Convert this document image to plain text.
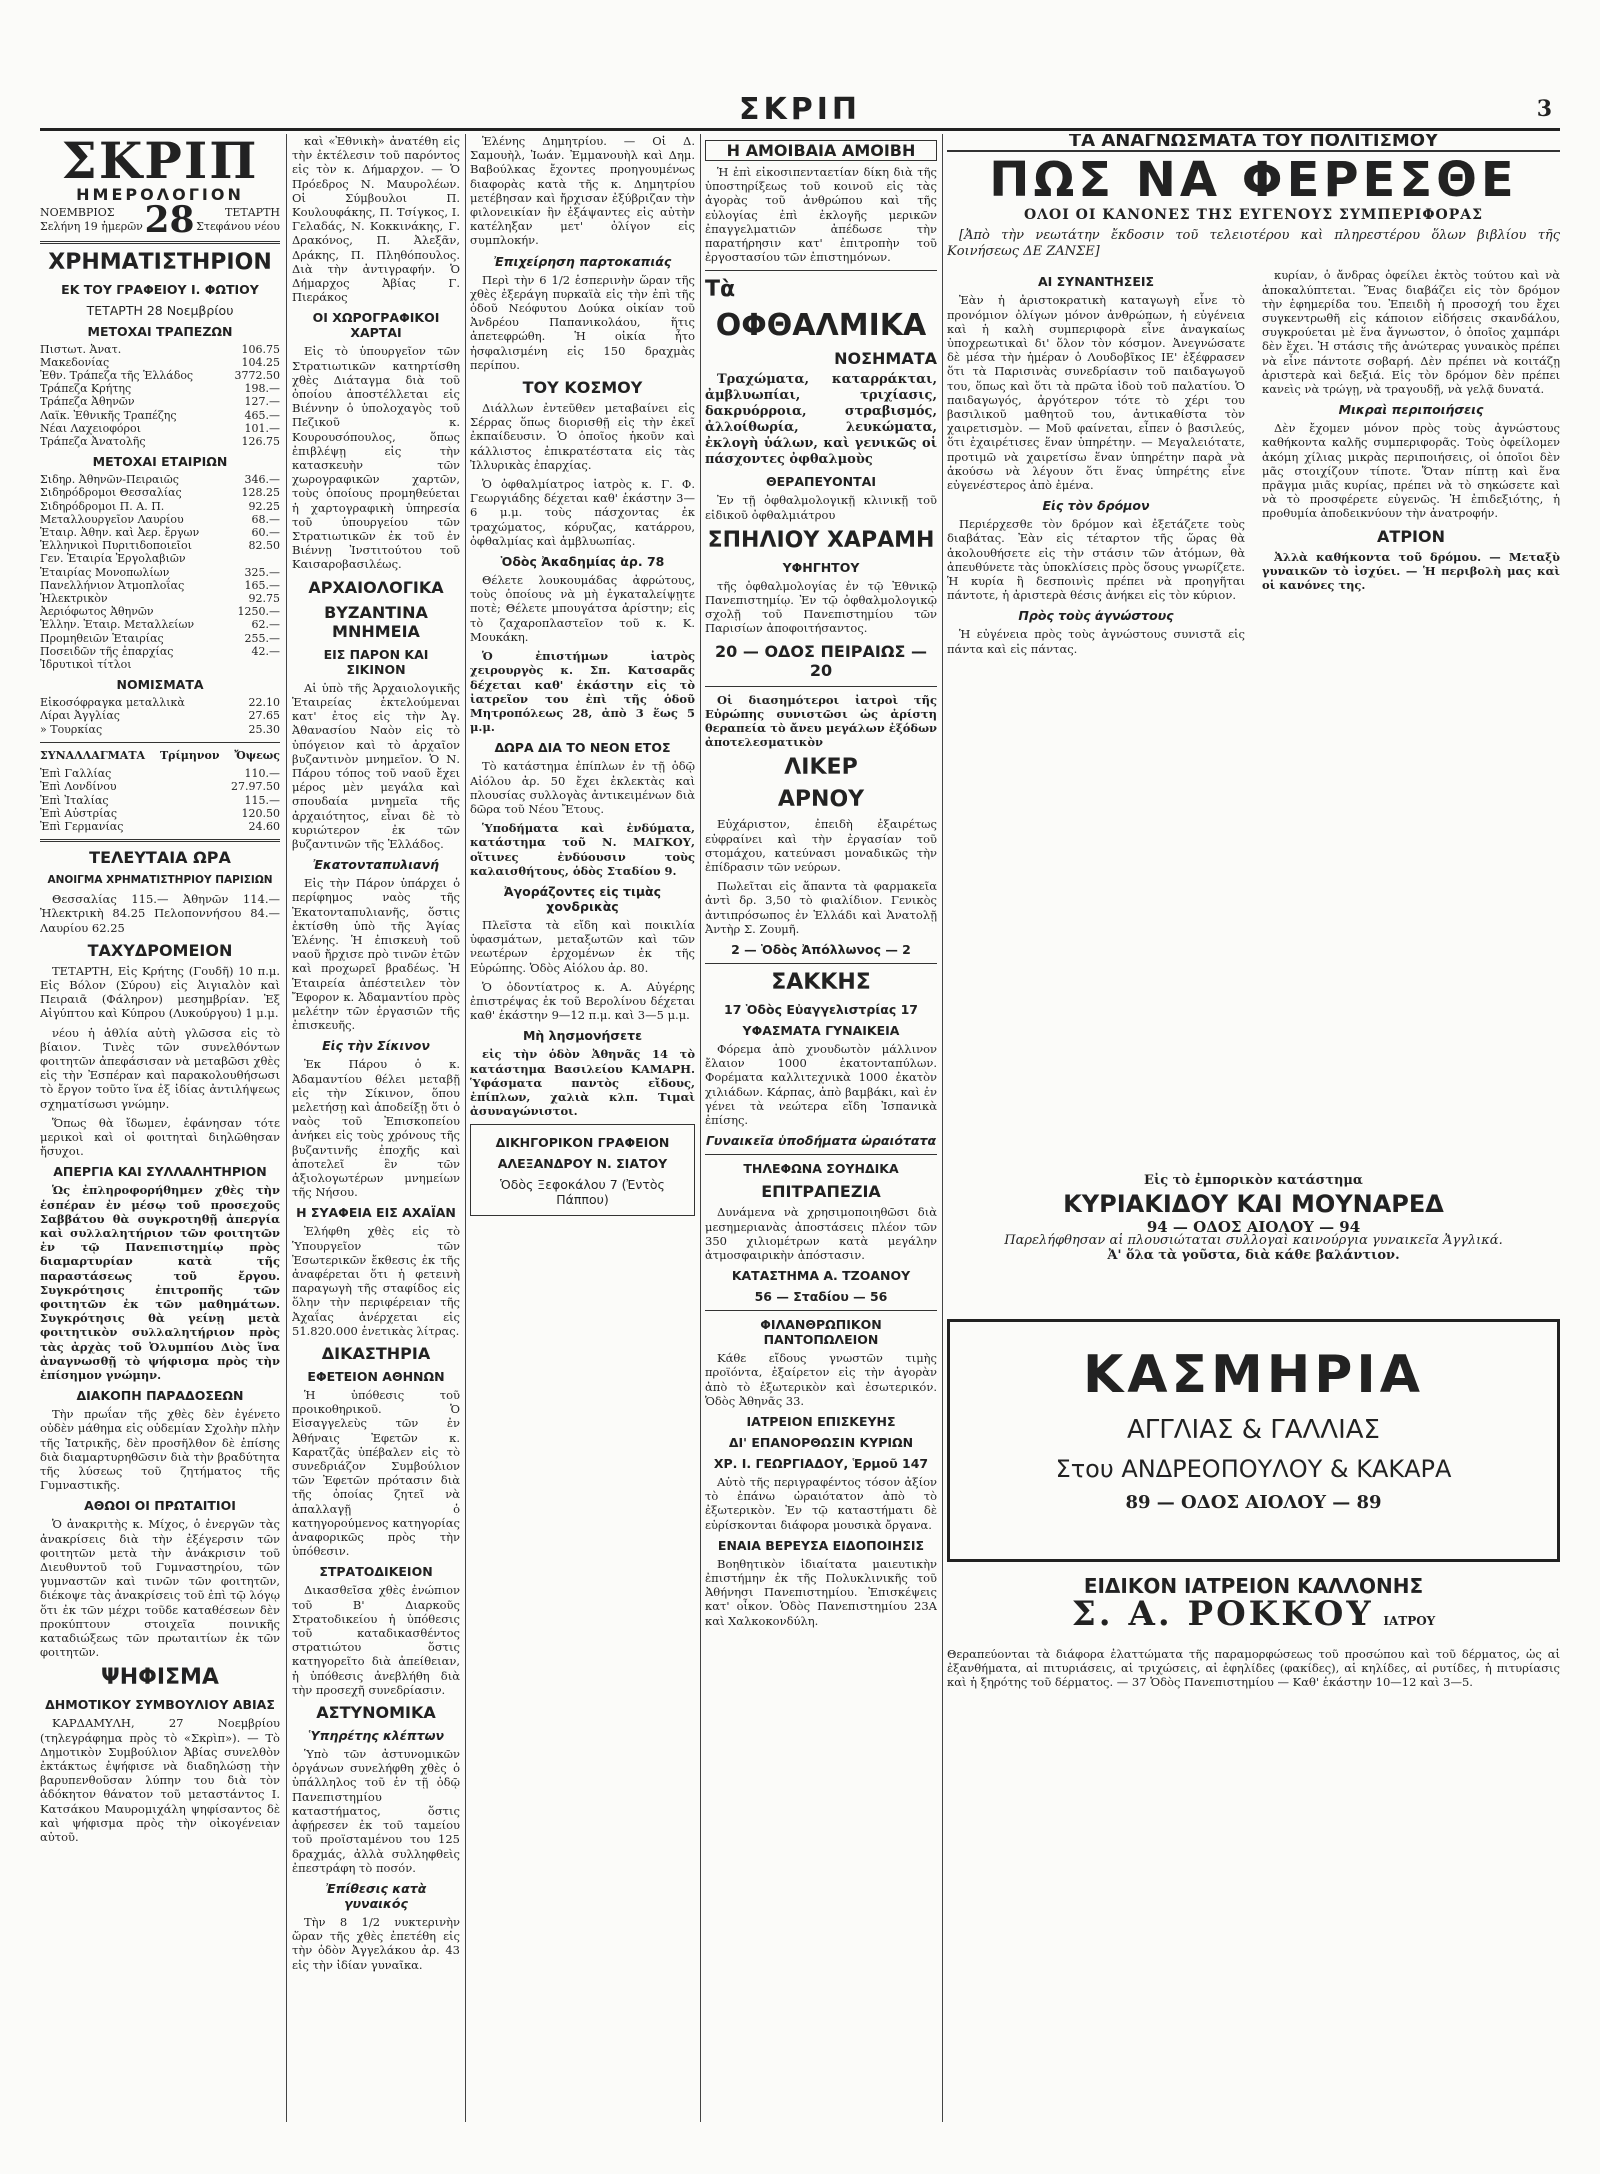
ΣΚΡΙΠ	3
ΣΚΡΙΠ
ΗΜΕΡΟΛΟΓΙΟΝ
ΝΟΕΜΒΡΙΟΣ
Σελήνη 19 ἡμερῶν 28	ΤΕΤΑΡΤΗ
Στεφάνου νέου
ΧΡΗΜΑΤΙΣΤΗΡΙΟΝ
ΕΚ ΤΟΥ ΓΡΑΦΕΙΟΥ Ι. ΦΩΤΙΟΥ
ΤΕΤΑΡΤΗ 28 Νοεμβρίου
ΜΕΤΟΧΑΙ ΤΡΑΠΕΖΩΝ
Πιστωτ. Ἀνατ.	106.75
Μακεδονίας	104.25
Ἐθν. Τράπεζα τῆς Ἑλλάδος	3772.50
Τράπεζα Κρήτης	198.—
Τράπεζα Ἀθηνῶν	127.—
Λαϊκ. Ἐθνικῆς Τραπέζης	465.—
Νέαι Λαχειοφόροι	101.—
Τράπεζα Ἀνατολῆς	126.75
ΜΕΤΟΧΑΙ ΕΤΑΙΡΙΩΝ
Σιδηρ. Ἀθηνῶν-Πειραιῶς	346.—
Σιδηρόδρομοι Θεσσαλίας	128.25
Σιδηρόδρομοι Π. Α. Π.	92.25
Μεταλλουργεῖον Λαυρίου	68.—
Ἑταιρ. Ἀθην. καὶ Ἀερ. ἔργων	60.—
Ἑλληνικοὶ Πυριτιδοποιεῖοι	82.50
Γεν. Ἑταιρία Ἐργολαβιῶν	
Ἑταιρίας Μονοπωλίων	325.—
Πανελλήνιον Ἀτμοπλοΐας	165.—
Ἡλεκτρικὸν	92.75
Ἀεριόφωτος Ἀθηνῶν	1250.—
Ἑλλην. Ἑταιρ. Μεταλλείων	62.—
Προμηθειῶν Ἑταιρίας	255.—
Ποσειδῶν τῆς ἐπαρχίας	42.—
Ἰδρυτικοὶ τίτλοι	
ΝΟΜΙΣΜΑΤΑ
Εἰκοσόφραγκα μεταλλικὰ	22.10
Λίραι Ἀγγλίας	27.65
» Τουρκίας	25.30
ΣΥΝΑΛΛΑΓΜΑΤΑ Τρίμηνον Ὄψεως
Ἐπὶ Γαλλίας	110.—
Ἐπὶ Λονδίνου	27.97.50
Ἐπὶ Ἰταλίας	115.—
Ἐπὶ Αὐστρίας	120.50
Ἐπὶ Γερμανίας	24.60
ΤΕΛΕΥΤΑΙΑ ΩΡΑ
ΑΝΟΙΓΜΑ ΧΡΗΜΑΤΙΣΤΗΡΙΟΥ ΠΑΡΙΣΙΩΝ

Θεσσαλίας 115.— Ἀθηνῶν 114.— Ἠλεκτρικὴ 84.25 Πελοποννήσου 84.— Λαυρίου 62.25

ΤΑΧΥΔΡΟΜΕΙΟΝ

ΤΕΤΑΡΤΗ, Εἰς Κρήτης (Γουδῆ) 10 π.μ. Εἰς Βόλον (Σύρου) εἰς Ἀιγιαλὸν καὶ Πειραιᾶ (Φάληρον) μεσημβρίαν. Ἐξ Αἰγύπτου καὶ Κύπρου (Λυκούργου) 1 μ.μ.

νέου ἡ ἀθλία αὐτὴ γλῶσσα εἰς τὸ βίαιον. Τινὲς τῶν συνελθόντων φοιτητῶν ἀπεφάσισαν νὰ μεταβῶσι χθὲς εἰς τὴν Ἐσπέραν καὶ παρακολουθήσωσι τὸ ἔργον τοῦτο ἵνα ἐξ ἰδίας ἀντιλήψεως σχηματίσωσι γνώμην.

Ὅπως θὰ ἴδωμεν, ἐφάνησαν τότε μερικοὶ καὶ οἱ φοιτηταὶ διηλῶθησαν ἤσυχοι.

ΑΠΕΡΓΙΑ ΚΑΙ ΣΥΛΛΑΛΗΤΗΡΙΟΝ

Ὡς ἐπληροφορήθημεν χθὲς τὴν ἑσπέραν ἐν μέσῳ τοῦ προσεχοῦς Σαββάτου θὰ συγκροτηθῇ ἀπεργία καὶ συλλαλητήριον τῶν φοιτητῶν ἐν τῷ Πανεπιστημίῳ πρὸς διαμαρτυρίαν κατὰ τῆς παραστάσεως τοῦ ἔργου. Συγκρότησις ἐπιτροπῆς τῶν φοιτητῶν ἐκ τῶν μαθημάτων. Συγκρότησις θὰ γείνῃ μετὰ φοιτητικὸν συλλαλητήριον πρὸς τὰς ἀρχὰς τοῦ Ὀλυμπίου Διὸς ἵνα ἀναγνωσθῇ τὸ ψήφισμα πρὸς τὴν ἐπίσημον γνώμην.

ΔΙΑΚΟΠΗ ΠΑΡΑΔΟΣΕΩΝ

Τὴν πρωΐαν τῆς χθὲς δὲν ἐγένετο οὐδὲν μάθημα εἰς οὐδεμίαν Σχολὴν πλὴν τῆς Ἰατρικῆς, δὲν προσῆλθον δὲ ἐπίσης διὰ διαμαρτυρηθῶσιν διὰ τὴν βραδύτητα τῆς λύσεως τοῦ ζητήματος τῆς Γυμναστικῆς.

ΑΘΩΟΙ ΟΙ ΠΡΩΤΑΙΤΙΟΙ

Ὁ ἀνακριτὴς κ. Μίχος, ὁ ἐνεργῶν τὰς ἀνακρίσεις διὰ τὴν ἐξέγερσιν τῶν φοιτητῶν μετὰ τὴν ἀνάκρισιν τοῦ Διευθυντοῦ τοῦ Γυμναστηρίου, τῶν γυμναστῶν καὶ τινῶν τῶν φοιτητῶν, διέκοψε τὰς ἀνακρίσεις τοῦ ἐπὶ τῷ λόγῳ ὅτι ἐκ τῶν μέχρι τοῦδε καταθέσεων δὲν προκύπτουν στοιχεῖα ποινικῆς καταδιώξεως τῶν πρωταιτίων ἐκ τῶν φοιτητῶν.

ΨΗΦΙΣΜΑ
ΔΗΜΟΤΙΚΟΥ ΣΥΜΒΟΥΛΙΟΥ ΑΒΙΑΣ

ΚΑΡΔΑΜΥΛΗ, 27 Νοεμβρίου (τηλεγράφημα πρὸς τὸ «Σκρὶπ»). — Τὸ Δημοτικὸν Συμβούλιον Ἀβίας συνελθὸν ἐκτάκτως ἐψήφισε νὰ διαδηλώσῃ τὴν βαρυπενθοῦσαν λύπην του διὰ τὸν ἀδόκητον θάνατον τοῦ μεταστάντος Ι. Κατσάκου Μαυρομιχάλη ψηφίσαντος δὲ καὶ ψήφισμα πρὸς τὴν οἰκογένειαν αὐτοῦ.

καὶ «Ἐθνικὴ» ἀνατέθη εἰς τὴν ἐκτέλεσιν τοῦ παρόντος εἰς τὸν κ. Δήμαρχον. — Ὁ Πρόεδρος Ν. Μαυρολέων. Οἱ Σύμβουλοι Π. Κουλουφάκης, Π. Τσίγκος, Ι. Γελαδάς, Ν. Κοκκινάκης, Γ. Δρακόνος, Π. Ἀλεξᾶν, Δράκης, Π. Πληθόπουλος. Διὰ τὴν ἀντιγραφήν. Ὁ Δήμαρχος Ἀβίας Γ. Πιεράκος

ΟΙ ΧΩΡΟΓΡΑΦΙΚΟΙ ΧΑΡΤΑΙ

Εἰς τὸ ὑπουργεῖον τῶν Στρατιωτικῶν κατηρτίσθη χθὲς Διάταγμα διὰ τοῦ ὁποίου ἀποστέλλεται εἰς Βιέννην ὁ ὑπολοχαγὸς τοῦ Πεζικοῦ κ. Κουρουσόπουλος, ὅπως ἐπιβλέψῃ εἰς τὴν κατασκευὴν τῶν χωρογραφικῶν χαρτῶν, τοὺς ὁποίους προμηθεύεται ἡ χαρτογραφικὴ ὑπηρεσία τοῦ ὑπουργείου τῶν Στρατιωτικῶν ἐκ τοῦ ἐν Βιέννῃ Ἰνστιτούτου τοῦ Καισαροβασιλέως.

ΑΡΧΑΙΟΛΟΓΙΚΑ
ΒΥΖΑΝΤΙΝΑ ΜΝΗΜΕΙΑ
ΕΙΣ ΠΑΡΟΝ ΚΑΙ ΣΙΚΙΝΟΝ

Αἱ ὑπὸ τῆς Ἀρχαιολογικῆς Ἑταιρείας ἐκτελούμεναι κατ' ἐτος εἰς τὴν Ἀγ. Ἀθανασίου Ναὸν εἰς τὸ ὑπόγειον καὶ τὸ ἀρχαῖον βυζαντινὸν μνημεῖον. Ὁ Ν. Πάρου τόπος τοῦ ναοῦ ἔχει μέρος μὲν μεγάλα καὶ σπουδαία μνημεῖα τῆς ἀρχαιότητος, εἶναι δὲ τὸ κυριώτερον ἐκ τῶν βυζαντινῶν τῆς Ἑλλάδος.

Ἐκατονταπυλιανή

Εἰς τὴν Πάρον ὑπάρχει ὁ περίφημος ναὸς τῆς Ἐκατονταπυλιανῆς, ὅστις ἐκτίσθη ὑπὸ τῆς Ἁγίας Ἑλένης. Ἡ ἐπισκευὴ τοῦ ναοῦ ἤρχισε πρὸ τινῶν ἐτῶν καὶ προχωρεῖ βραδέως. Ἡ Ἑταιρεία ἀπέστειλεν τὸν Ἔφορον κ. Ἀδαμαντίου πρὸς μελέτην τῶν ἐργασιῶν τῆς ἐπισκευῆς.

Εἰς τὴν Σίκινον

Ἐκ Πάρου ὁ κ. Ἀδαμαντίου θέλει μεταβῇ εἰς τὴν Σίκινον, ὅπου μελετήσῃ καὶ ἀποδείξῃ ὅτι ὁ ναὸς τοῦ Ἐπισκοπείου ἀνήκει εἰς τοὺς χρόνους τῆς βυζαντινῆς ἐποχῆς καὶ ἀποτελεῖ ἓν τῶν ἀξιολογωτέρων μνημείων τῆς Νήσου.

Η ΣΥΑΦΕΙΑ ΕΙΣ ΑΧΑΪΑΝ

Ἐλήφθη χθὲς εἰς τὸ Ὑπουργεῖον τῶν Ἐσωτερικῶν ἔκθεσις ἐκ τῆς ἀναφέρεται ὅτι ἡ φετεινὴ παραγωγὴ τῆς σταφίδος εἰς ὅλην τὴν περιφέρειαν τῆς Ἀχαΐας ἀνέρχεται εἰς 51.820.000 ἑνετικὰς λίτρας.

ΔΙΚΑΣΤΗΡΙΑ
ΕΦΕΤΕΙΟΝ ΑΘΗΝΩΝ

Ἡ ὑπόθεσις τοῦ προικοθηρικοῦ. Ὁ Εἰσαγγελεὺς τῶν ἐν Ἀθήναις Ἐφετῶν κ. Καρατζᾶς ὑπέβαλεν εἰς τὸ συνεδριάζον Συμβούλιον τῶν Ἐφετῶν πρότασιν διὰ τῆς ὁποίας ζητεῖ νὰ ἀπαλλαγῇ ὁ κατηγορούμενος κατηγορίας ἀναφορικῶς πρὸς τὴν ὑπόθεσιν.

ΣΤΡΑΤΟΔΙΚΕΙΟΝ

Δικασθεῖσα χθὲς ἐνώπιον τοῦ Β' Διαρκοῦς Στρατοδικείου ἡ ὑπόθεσις τοῦ καταδικασθέντος στρατιώτου ὅστις κατηγορεῖτο διὰ ἀπείθειαν, ἡ ὑπόθεσις ἀνεβλήθη διὰ τὴν προσεχῆ συνεδρίασιν.

ΑΣΤΥΝΟΜΙΚΑ
Ὑπηρέτης κλέπτων

Ὑπὸ τῶν ἀστυνομικῶν ὀργάνων συνελήφθη χθὲς ὁ ὑπάλληλος τοῦ ἐν τῇ ὁδῷ Πανεπιστημίου καταστήματος, ὅστις ἀφῄρεσεν ἐκ τοῦ ταμείου τοῦ προϊσταμένου του 125 δραχμάς, ἀλλὰ συλληφθεὶς ἐπεστράφη τὸ ποσόν.

Ἐπίθεσις κατὰ γυναικός

Τὴν 8 1/2 νυκτερινὴν ὥραν τῆς χθὲς ἐπετέθη εἰς τὴν ὁδὸν Ἀγγελάκου ἀρ. 43 εἰς τὴν ἰδίαν γυναῖκα.

Ἑλένης Δημητρίου. — Οἱ Δ. Σαμουὴλ, Ἰωάν. Ἐμμανουὴλ καὶ Δημ. Βαβούλκας ἔχοντες προηγουμένως διαφορὰς κατὰ τῆς κ. Δημητρίου μετέβησαν καὶ ἤρχισαν ἐξύβριζαν τὴν φιλονεικίαν ἣν ἐξάψαντες εἰς αὐτὴν κατέληξαν μετ' ὀλίγον εἰς συμπλοκήν.

Ἐπιχείρηση παρτοκαπιάς

Περὶ τὴν 6 1/2 ἑσπερινὴν ὥραν τῆς χθὲς ἐξεράγη πυρκαϊὰ εἰς τὴν ἐπὶ τῆς ὁδοῦ Νεόφυτου Δούκα οἰκίαν τοῦ Ἀνδρέου Παπανικολάου, ἥτις ἀπετεφρώθη. Ἡ οἰκία ἦτο ἠσφαλισμένη εἰς 150 δραχμὰς περίπου.

ΤΟΥ ΚΟΣΜΟΥ

Διάλλων ἐντεῦθεν μεταβαίνει εἰς Σέρρας ὅπως διορισθῇ εἰς τὴν ἐκεῖ ἐκπαίδευσιν. Ὁ ὁποῖος ἠκοῦν καὶ κάλλιστος ἐπικρατέστατα εἰς τὰς Ἰλλυρικὰς ἐπαρχίας.

Ὁ ὀφθαλμίατρος ἰατρὸς κ. Γ. Φ. Γεωργιάδης δέχεται καθ' ἑκάστην 3—6 μ.μ. τοὺς πάσχοντας ἐκ τραχώματος, κόρυζας, κατάρρου, ὀφθαλμίας καὶ ἀμβλυωπίας.

Ὁδὸς Ἀκαδημίας ἀρ. 78

Θέλετε λουκουμάδας ἀφρώτους, τοὺς ὁποίους νὰ μὴ ἐγκαταλείψῃτε ποτὲ; Θέλετε μπουγάτσα ἀρίστην; εἰς τὸ ζαχαροπλαστεῖον τοῦ κ. Κ. Μουκάκη.

Ὁ ἐπιστήμων ἰατρὸς χειρουργὸς κ. Σπ. Κατσαρᾶς δέχεται καθ' ἑκάστην εἰς τὸ ἰατρεῖον του ἐπὶ τῆς ὁδοῦ Μητροπόλεως 28, ἀπὸ 3 ἕως 5 μ.μ.

ΔΩΡΑ ΔΙΑ ΤΟ ΝΕΟΝ ΕΤΟΣ

Τὸ κατάστημα ἐπίπλων ἐν τῇ ὁδῷ Αἰόλου ἀρ. 50 ἔχει ἐκλεκτὰς καὶ πλουσίας συλλογὰς ἀντικειμένων διὰ δῶρα τοῦ Νέου Ἔτους.

Ὑποδήματα καὶ ἐνδύματα, κατάστημα τοῦ Ν. ΜΑΓΚΟΥ, οἵτινες ἐνδύουσιν τοὺς καλαισθήτους, ὁδὸς Σταδίου 9.

Ἀγοράζοντες εἰς τιμὰς χονδρικὰς

Πλεῖστα τὰ εἴδη καὶ ποικιλία ὑφασμάτων, μεταξωτῶν καὶ τῶν νεωτέρων ἐρχομένων ἐκ τῆς Εὐρώπης. Ὁδὸς Αἰόλου ἀρ. 80.

Ὁ ὀδοντίατρος κ. Α. Αὐγέρης ἐπιστρέψας ἐκ τοῦ Βερολίνου δέχεται καθ' ἑκάστην 9—12 π.μ. καὶ 3—5 μ.μ.

Μὴ λησμονήσετε

εἰς τὴν ὁδὸν Ἀθηνᾶς 14 τὸ κατάστημα Βασιλείου ΚΑΜΑΡΗ. Ὑφάσματα παντὸς εἴδους, ἐπίπλων, χαλιὰ κλπ. Τιμαὶ ἀσυναγώνιστοι.

ΔΙΚΗΓΟΡΙΚΟΝ ΓΡΑΦΕΙΟΝ
ΑΛΕΞΑΝΔΡΟΥ Ν. ΣΙΑΤΟΥ
Ὁδὸς Ξεφοκάλου 7 (Ἐντὸς Πάππου)
Η ΑΜΟΙΒΑΙΑ ΑΜΟΙΒΗ

Ἡ ἐπὶ εἰκοσιπενταετίαν δίκη διὰ τῆς ὑποστηρίξεως τοῦ κοινοῦ εἰς τὰς ἀγορὰς τοῦ ἀνθρώπου καὶ τῆς εὐλογίας ἐπὶ ἐκλογῆς μερικῶν ἐπαγγελματιῶν ἀπέδωσε τὴν παρατήρησιν κατ' ἐπιτροπὴν τοῦ ἐργοστασίου τῶν ἐπιστημόνων.

Τὰ
ΟΦΘΑΛΜΙΚΑ
ΝΟΣΗΜΑΤΑ

Τραχώματα, καταρράκται, ἀμβλυωπίαι, τριχίασις, δακρυόρροια, στραβισμός, ἀλλοίθωρία, λευκώματα, ἐκλογὴ ὑάλων, καὶ γενικῶς οἱ πάσχοντες ὀφθαλμοὺς

ΘΕΡΑΠΕΥΟΝΤΑΙ

Ἐν τῇ ὀφθαλμολογικῇ κλινικῇ τοῦ εἰδικοῦ ὀφθαλμιάτρου

ΣΠΗΛΙΟΥ ΧΑΡΑΜΗ
ΥΦΗΓΗΤΟΥ

τῆς ὀφθαλμολογίας ἐν τῷ Ἐθνικῷ Πανεπιστημίῳ. Ἐν τῷ ὀφθαλμολογικῷ σχολῇ τοῦ Πανεπιστημίου τῶν Παρισίων ἀποφοιτήσαντος.

20 — ΟΔΟΣ ΠΕΙΡΑΙΩΣ — 20

Οἱ διασημότεροι ἰατροὶ τῆς Εὐρώπης συνιστῶσι ὡς ἀρίστη θεραπεία τὸ ἄνευ μεγάλων ἐξόδων ἀποτελεσματικὸν

ΛΙΚΕΡ
ΑΡΝΟΥ

Εὐχάριστον, ἐπειδὴ ἐξαιρέτως εὐφραίνει καὶ τὴν ἐργασίαν τοῦ στομάχου, κατεύνασι μοναδικῶς τὴν ἐπίδρασιν τῶν νεύρων.

Πωλεῖται εἰς ἅπαντα τὰ φαρμακεῖα ἀντὶ δρ. 3,50 τὸ φιαλίδιον. Γενικὸς ἀντιπρόσωπος ἐν Ἑλλάδι καὶ Ἀνατολῇ Ἀντὴρ Σ. Ζουμῆ.

2 — Ὁδὸς Ἀπόλλωνος — 2
ΣΑΚΚΗΣ
17 Ὁδὸς Εὐαγγελιστρίας 17
ΥΦΑΣΜΑΤΑ ΓΥΝΑΙΚΕΙΑ

Φόρεμα ἀπὸ χνουδωτὸν μάλλινον ἔλαιον 1000 ἐκατονταπύλων. Φορέματα καλλιτεχνικὰ 1000 ἐκατὸν χιλιάδων. Κάρπας, ἀπὸ βαμβάκι, καὶ ἐν γένει τὰ νεώτερα εἴδη Ἰσπανικὰ ἐπίσης.

Γυναικεῖα ὑποδήματα ὡραιότατα
ΤΗΛΕΦΩΝΑ ΣΟΥΗΔΙΚΑ
ΕΠΙΤΡΑΠΕΖΙΑ

Δυνάμενα νὰ χρησιμοποιηθῶσι διὰ μεσημεριανὰς ἀποστάσεις πλέον τῶν 350 χιλιομέτρων κατὰ μεγάλην ἀτμοσφαιρικὴν ἀπόστασιν.

ΚΑΤΑΣΤΗΜΑ Α. ΤΖΟΑΝΟΥ
56 — Σταδίου — 56
ΦΙΛΑΝΘΡΩΠΙΚΟΝ ΠΑΝΤΟΠΩΛΕΙΟΝ

Κάθε εἴδους γνωστῶν τιμὴς προϊόντα, ἐξαίρετον εἰς τὴν ἀγορὰν ἀπὸ τὸ ἐξωτερικὸν καὶ ἐσωτερικόν. Ὁδὸς Ἀθηνᾶς 33.

ΙΑΤΡΕΙΟΝ ΕΠΙΣΚΕΥΗΣ
ΔΙ' ΕΠΑΝΟΡΘΩΣΙΝ ΚΥΡΙΩΝ
ΧΡ. Ι. ΓΕΩΡΓΙΑΔΟΥ, Ἑρμοῦ 147

Αὐτὸ τῆς περιγραφέντος τόσον ἀξίον τὸ ἐπάνω ὡραιότατον ἀπὸ τὸ ἐξωτερικὸν. Ἐν τῷ καταστήματι δὲ εὑρίσκονται διάφορα μουσικὰ ὄργανα.

ΕΝΑΙΑ ΒΕΡΕΥΣΑ ΕΙΔΟΠΟΙΗΣΙΣ

Βοηθητικὸν ἰδιαίτατα μαιευτικὴν ἐπιστήμην ἐκ τῆς Πολυκλινικῆς τοῦ Ἀθήνησι Πανεπιστημίου. Ἐπισκέψεις κατ' οἶκον. Ὁδὸς Πανεπιστημίου 23Α καὶ Χαλκοκονδύλη.

ΤΑ ΑΝΑΓΝΩΣΜΑΤΑ ΤΟΥ ΠΟΛΙΤΙΣΜΟΥ
ΠΩΣ ΝΑ ΦΕΡΕΣΘΕ
ΟΛΟΙ ΟΙ ΚΑΝΟΝΕΣ ΤΗΣ ΕΥΓΕΝΟΥΣ ΣΥΜΠΕΡΙΦΟΡΑΣ

[Ἀπὸ τὴν νεωτάτην ἔκδοσιν τοῦ τελειοτέρου καὶ πληρεστέρου ὅλων βιβλίου τῆς Κοινήσεως ΔΕ ΖΑΝΣΕ]

ΑΙ ΣΥΝΑΝΤΗΣΕΙΣ

Ἐὰν ἡ ἀριστοκρατικὴ καταγωγὴ εἶνε τὸ προνόμιον ὀλίγων μόνον ἀνθρώπων, ἡ εὐγένεια καὶ ἡ καλὴ συμπεριφορὰ εἶνε ἀναγκαίως ὑποχρεωτικαὶ δι' ὅλον τὸν κόσμον. Ἀνεγνώσατε δὲ μέσα τὴν ἡμέραν ὁ Λουδοβῖκος ΙΕ' ἐξέφρασεν ὅτι τὰ Παρισινὰς συνεδρίασιν τοῦ παιδαγωγοῦ του, ὅπως καὶ ὅτι τὰ πρῶτα ἰδοὺ τοῦ παλατίου. Ὁ παιδαγωγός, ἀργότερον τότε τὸ χέρι του βασιλικοῦ μαθητοῦ του, ἀντικαθίστα τὸν χαιρετισμὸν. — Μοῦ φαίνεται, εἶπεν ὁ βασιλεύς, ὅτι ἐχαιρέτισες ἕναν ὑπηρέτην. — Μεγαλειότατε, προτιμῶ νὰ χαιρετίσω ἕναν ὑπηρέτην παρὰ νὰ ἀκούσω νὰ λέγουν ὅτι ἕνας ὑπηρέτης εἶνε εὐγενέστερος ἀπὸ ἐμένα.

Εἰς τὸν δρόμον

Περιέρχεσθε τὸν δρόμον καὶ ἐξετάζετε τοὺς διαβάτας. Ἐὰν εἰς τέταρτον τῆς ὥρας θὰ ἀκολουθήσετε εἰς τὴν στάσιν τῶν ἀτόμων, θὰ ἀπευθύνετε τὰς ὑποκλίσεις πρὸς ὅσους γνωρίζετε. Ἡ κυρία ἢ δεσποινὶς πρέπει νὰ προηγῆται πάντοτε, ἡ ἀριστερὰ θέσις ἀνήκει εἰς τὸν κύριον.

Πρὸς τοὺς ἀγνώστους

Ἡ εὐγένεια πρὸς τοὺς ἀγνώστους συνιστᾶ εἰς πάντα καὶ εἰς πάντας.

κυρίαν, ὁ ἄνδρας ὀφείλει ἐκτὸς τούτου καὶ νὰ ἀποκαλύπτεται. Ἕνας διαβάζει εἰς τὸν δρόμον τὴν ἐφημερίδα του. Ἐπειδὴ ἡ προσοχή του ἔχει συγκεντρωθῆ εἰς κάποιον εἰδήσεις σκανδάλου, συγκρούεται μὲ ἕνα ἄγνωστον, ὁ ὁποῖος χαμπάρι δὲν ἔχει. Ἡ στάσις τῆς ἀνώτερας γυναικὸς πρέπει νὰ εἶνε πάντοτε σοβαρή. Δὲν πρέπει νὰ κοιτάζῃ ἀριστερὰ καὶ δεξιά. Εἰς τὸν δρόμον δὲν πρέπει κανεὶς νὰ τρώγῃ, νὰ τραγουδῇ, νὰ γελᾷ δυνατά.

Μικραὶ περιποιήσεις

Δὲν ἔχομεν μόνον πρὸς τοὺς ἀγνώστους καθήκοντα καλῆς συμπεριφορᾶς. Τοὺς ὀφείλομεν ἀκόμη χίλιας μικρὰς περιποιήσεις, οἱ ὁποῖοι δὲν μᾶς στοιχίζουν τίποτε. Ὅταν πίπτῃ καὶ ἕνα πρᾶγμα μιᾶς κυρίας, πρέπει νὰ τὸ σηκώσετε καὶ νὰ τὸ προσφέρετε εὐγενῶς. Ἡ ἐπιδεξιότης, ἡ προθυμία ἀποδεικνύουν τὴν ἀνατροφήν.

ΑΤΡΙΟΝ

Ἀλλὰ καθήκοντα τοῦ δρόμου. — Μεταξὺ γυναικῶν τὸ ἰσχύει. — Ἡ περιβολὴ μας καὶ οἱ κανόνες της.

Εἰς τὸ ἐμπορικὸν κατάστημα
ΚΥΡΙΑΚΙΔΟΥ ΚΑΙ ΜΟΥΝΑΡΕΔ
94 — ΟΔΟΣ ΑΙΟΛΟΥ — 94
Παρελήφθησαν αἱ πλουσιώταται συλλογαὶ καινούργια γυναικεῖα Ἀγγλικά.
Ἀ' ὅλα τὰ γοῦστα, διὰ κάθε βαλάντιον.
ΚΑΣΜΗΡΙΑ
ΑΓΓΛΙΑΣ & ΓΑΛΛΙΑΣ
Στου ΑΝΔΡΕΟΠΟΥΛΟΥ & ΚΑΚΑΡΑ
89 — ΟΔΟΣ ΑΙΟΛΟΥ — 89
ΕΙΔΙΚΟΝ ΙΑΤΡΕΙΟΝ ΚΑΛΛΟΝΗΣ
Σ. Α. ΡΟΚΚΟΥ ΙΑΤΡΟΥ

Θεραπεύονται τὰ διάφορα ἐλαττώματα τῆς παραμορφώσεως τοῦ προσώπου καὶ τοῦ δέρματος, ὡς αἱ ἐξανθήματα, αἱ πιτυριάσεις, αἱ τριχώσεις, αἱ ἐφηλίδες (φακίδες), αἱ κηλίδες, αἱ ρυτίδες, ἡ πιτυρίασις καὶ ἡ ξηρότης τοῦ δέρματος. — 37 Ὁδὸς Πανεπιστημίου — Καθ' ἑκάστην 10—12 καὶ 3—5.
